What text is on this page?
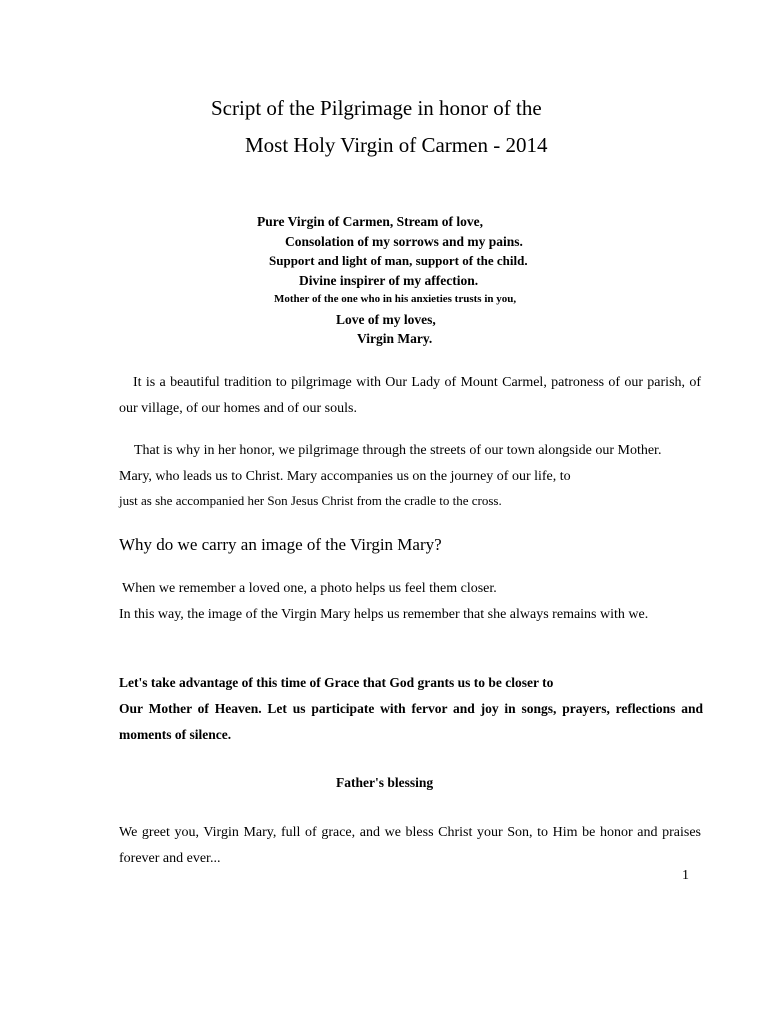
Script of the Pilgrimage in honor of the
Most Holy Virgin of Carmen - 2014
Pure Virgin of Carmen, Stream of love,
Consolation of my sorrows and my pains.
Support and light of man, support of the child.
Divine inspirer of my affection.
Mother of the one who in his anxieties trusts in you,
Love of my loves,
Virgin Mary.
It is a beautiful tradition to pilgrimage with Our Lady of Mount Carmel, patroness of our parish, of our village, of our homes and of our souls.
That is why in her honor, we pilgrimage through the streets of our town alongside our Mother.
Mary, who leads us to Christ. Mary accompanies us on the journey of our life, to
just as she accompanied her Son Jesus Christ from the cradle to the cross.
Why do we carry an image of the Virgin Mary?
When we remember a loved one, a photo helps us feel them closer.
In this way, the image of the Virgin Mary helps us remember that she always remains with we.
Let's take advantage of this time of Grace that God grants us to be closer to
Our Mother of Heaven. Let us participate with fervor and joy in songs, prayers, reflections and moments of silence.
Father's blessing
We greet you, Virgin Mary, full of grace, and we bless Christ your Son, to Him be honor and praises forever and ever...
1
